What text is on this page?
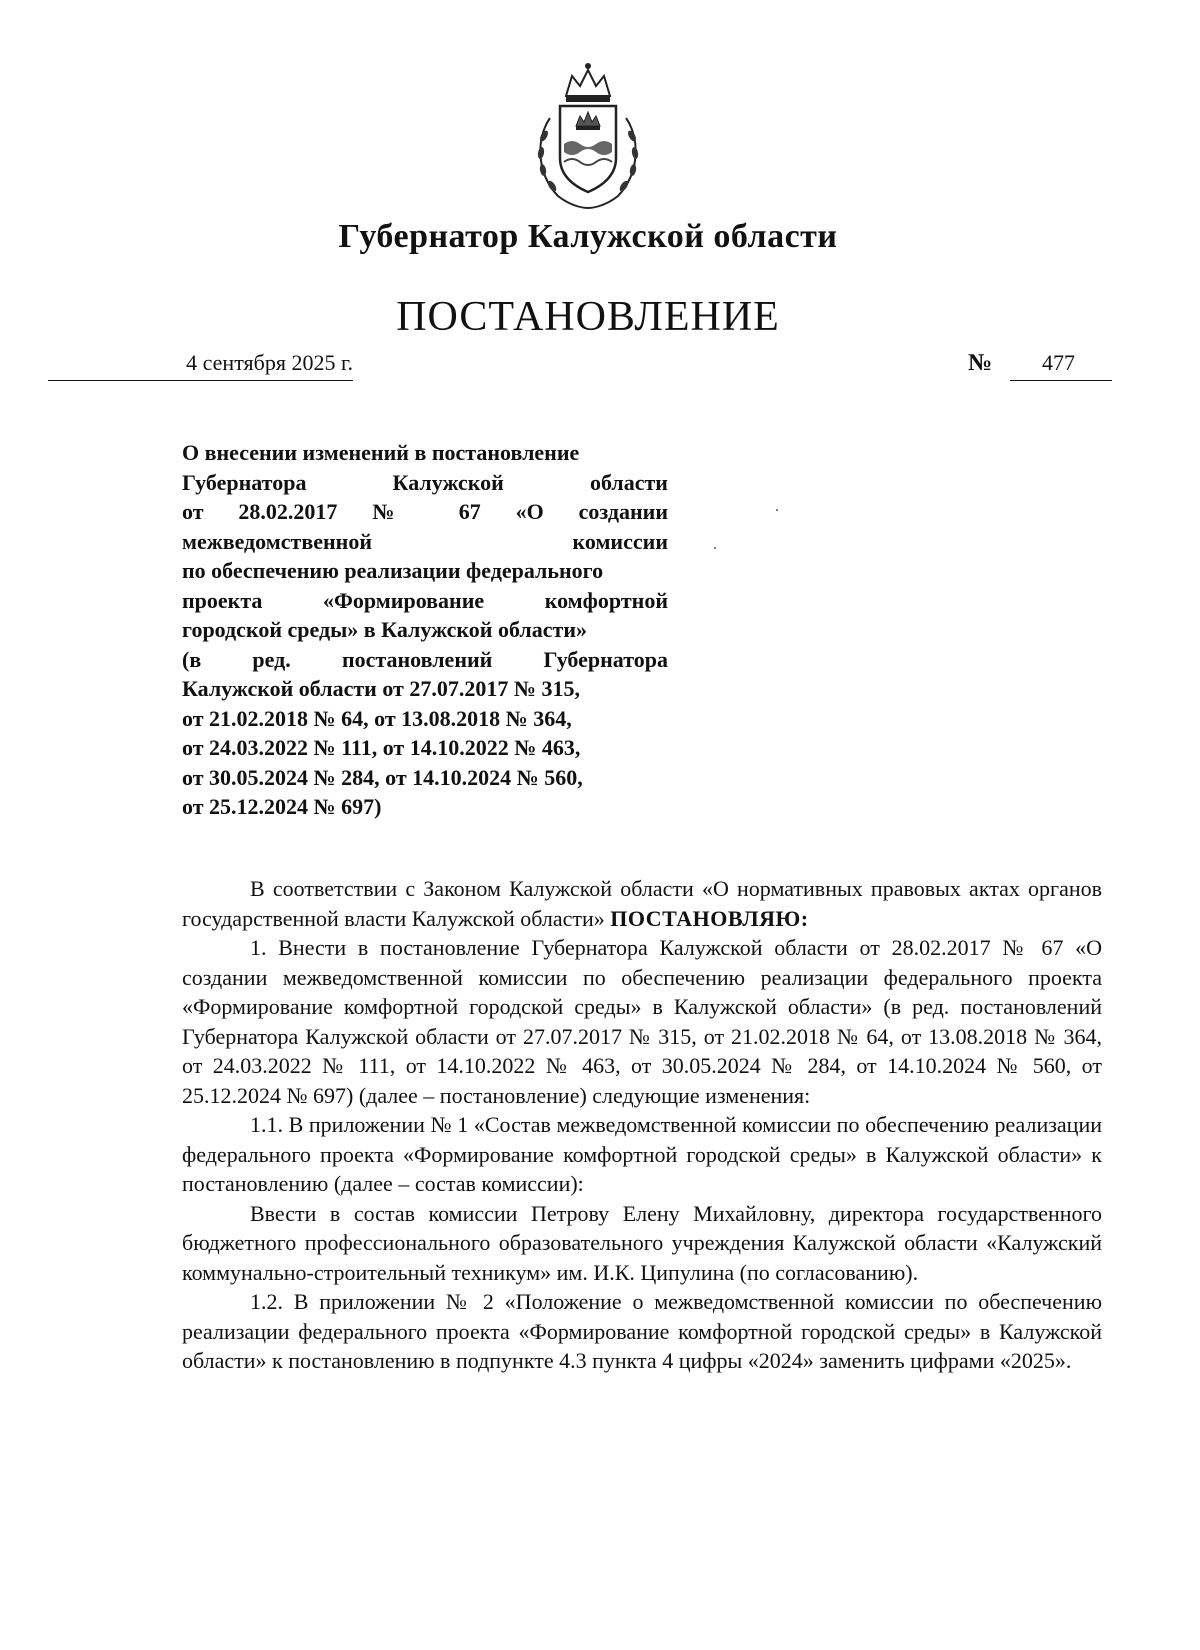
Губернатор Калужской области
ПОСТАНОВЛЕНИЕ
4 сентября 2025 г.	№ 477
О внесении изменений в постановление
Губернатора Калужской области
от 28.02.2017 № 67 «О создании
межведомственной комиссии
по обеспечению реализации федерального
проекта «Формирование комфортной
городской среды» в Калужской области»
(в ред. постановлений Губернатора
Калужской области от 27.07.2017 № 315,
от 21.02.2018 № 64, от 13.08.2018 № 364,
от 24.03.2022 № 111, от 14.10.2022 № 463,
от 30.05.2024 № 284, от 14.10.2024 № 560,
от 25.12.2024 № 697)

В соответствии с Законом Калужской области «О нормативных правовых актах органов государственной власти Калужской области» ПОСТАНОВЛЯЮ:

1. Внести в постановление Губернатора Калужской области от 28.02.2017 № 67 «О создании межведомственной комиссии по обеспечению реализации федерального проекта «Формирование комфортной городской среды» в Калужской области» (в ред. постановлений Губернатора Калужской области от 27.07.2017 № 315, от 21.02.2018 № 64, от 13.08.2018 № 364, от 24.03.2022 № 111, от 14.10.2022 № 463, от 30.05.2024 № 284, от 14.10.2024 № 560, от 25.12.2024 № 697) (далее – постановление) следующие изменения:

1.1. В приложении № 1 «Состав межведомственной комиссии по обеспечению реализации федерального проекта «Формирование комфортной городской среды» в Калужской области» к постановлению (далее – состав комиссии):

Ввести в состав комиссии Петрову Елену Михайловну, директора государственного бюджетного профессионального образовательного учреждения Калужской области «Калужский коммунально-строительный техникум» им. И.К. Ципулина (по согласованию).

1.2. В приложении № 2 «Положение о межведомственной комиссии по обеспечению реализации федерального проекта «Формирование комфортной городской среды» в Калужской области» к постановлению в подпункте 4.3 пункта 4 цифры «2024» заменить цифрами «2025».
